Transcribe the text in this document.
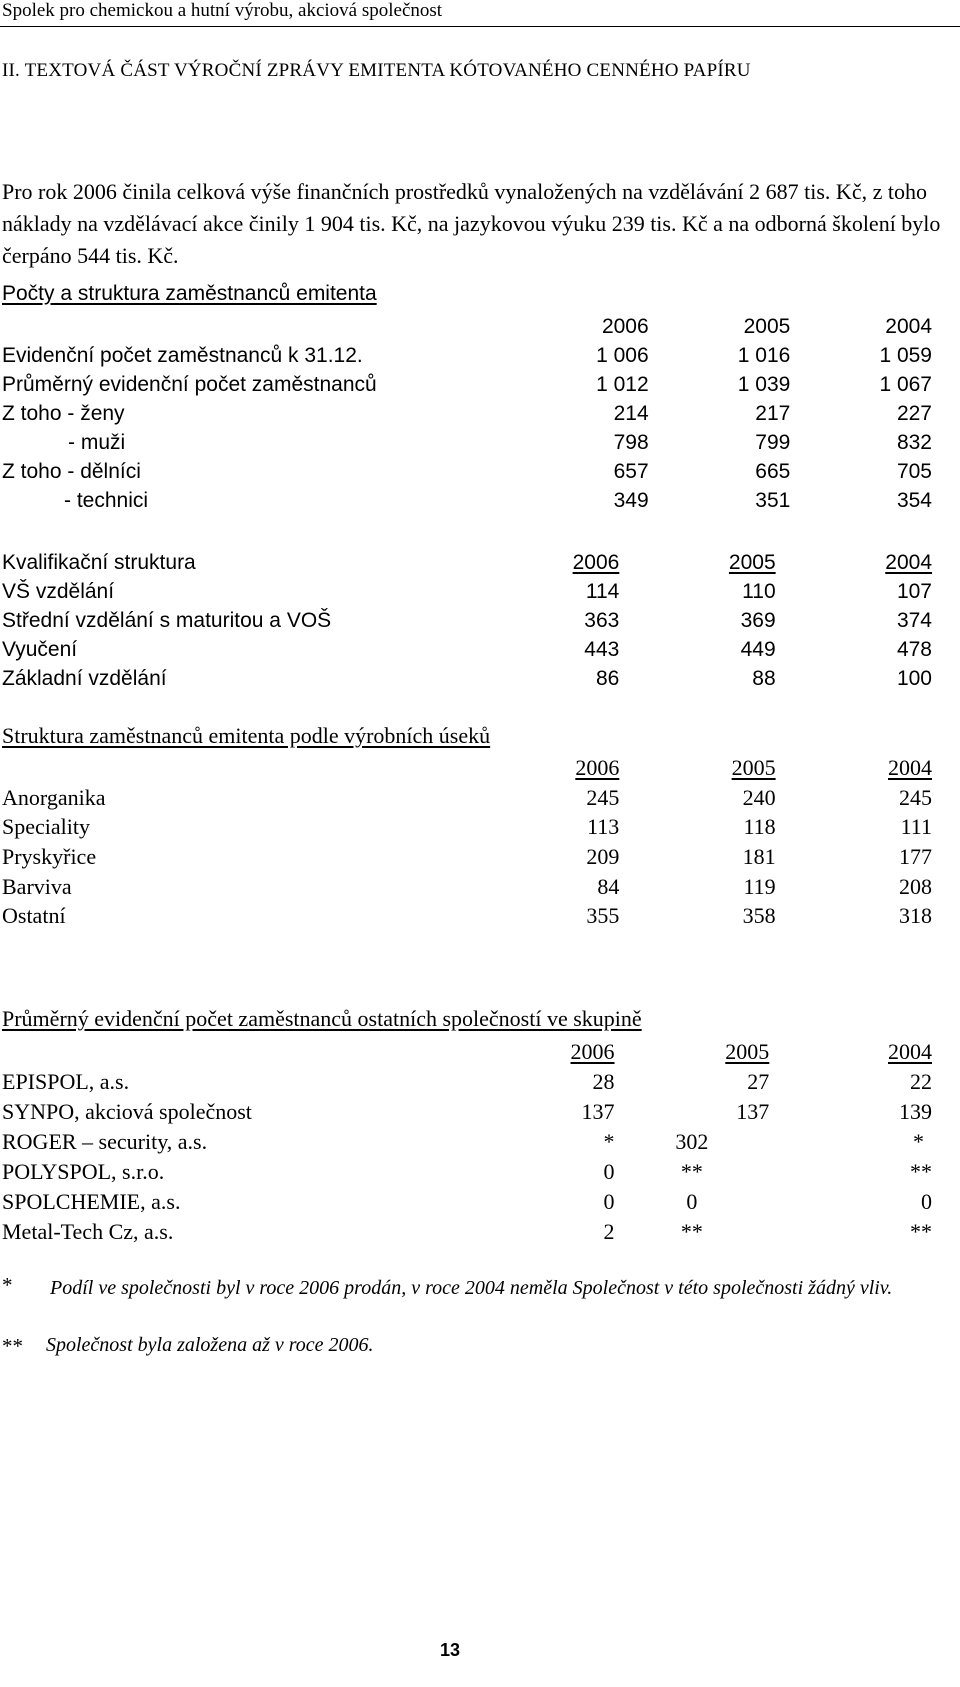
Spolek pro chemickou a hutní výrobu, akciová společnost
II. TEXTOVÁ ČÁST VÝROČNÍ ZPRÁVY EMITENTA KÓTOVANÉHO CENNÉHO PAPÍRU

Pro rok 2006 činila celková výše finančních prostředků vynaložených na vzdělávání 2 687 tis. Kč, z toho náklady na vzdělávací akce činily 1 904 tis. Kč, na jazykovou výuku 239 tis. Kč a na odborná školení bylo čerpáno 544 tis. Kč.

Počty a struktura zaměstnanců emitenta
	2006	2005	2004
Evidenční počet zaměstnanců k 31.12.	1 006	1 016	1 059
Průměrný evidenční počet zaměstnanců	1 012	1 039	1 067
Z toho - ženy	214	217	227
- muži	798	799	832
Z toho - dělníci	657	665	705
- technici	349	351	354
Kvalifikační struktura	2006	2005	2004
VŠ vzdělání	114	110	107
Střední vzdělání s maturitou a VOŠ	363	369	374
Vyučení	443	449	478
Základní vzdělání	86	88	100
Struktura zaměstnanců emitenta podle výrobních úseků
	2006	2005	2004
Anorganika	245	240	245
Speciality	113	118	111
Pryskyřice	209	181	177
Barviva	84	119	208
Ostatní	355	358	318
Průměrný evidenční počet zaměstnanců ostatních společností ve skupině
	2006	2005	2004
EPISPOL, a.s.	28	27	22
SYNPO, akciová společnost	137	137	139
ROGER – security, a.s.	*	302	*
POLYSPOL, s.r.o.	0	**	**
SPOLCHEMIE, a.s.	0	0	0
Metal-Tech Cz, a.s.	2	**	**
* Podíl ve společnosti byl v roce 2006 prodán, v roce 2004 neměla Společnost v této společnosti žádný vliv.
** Společnost byla založena až v roce 2006.
13
